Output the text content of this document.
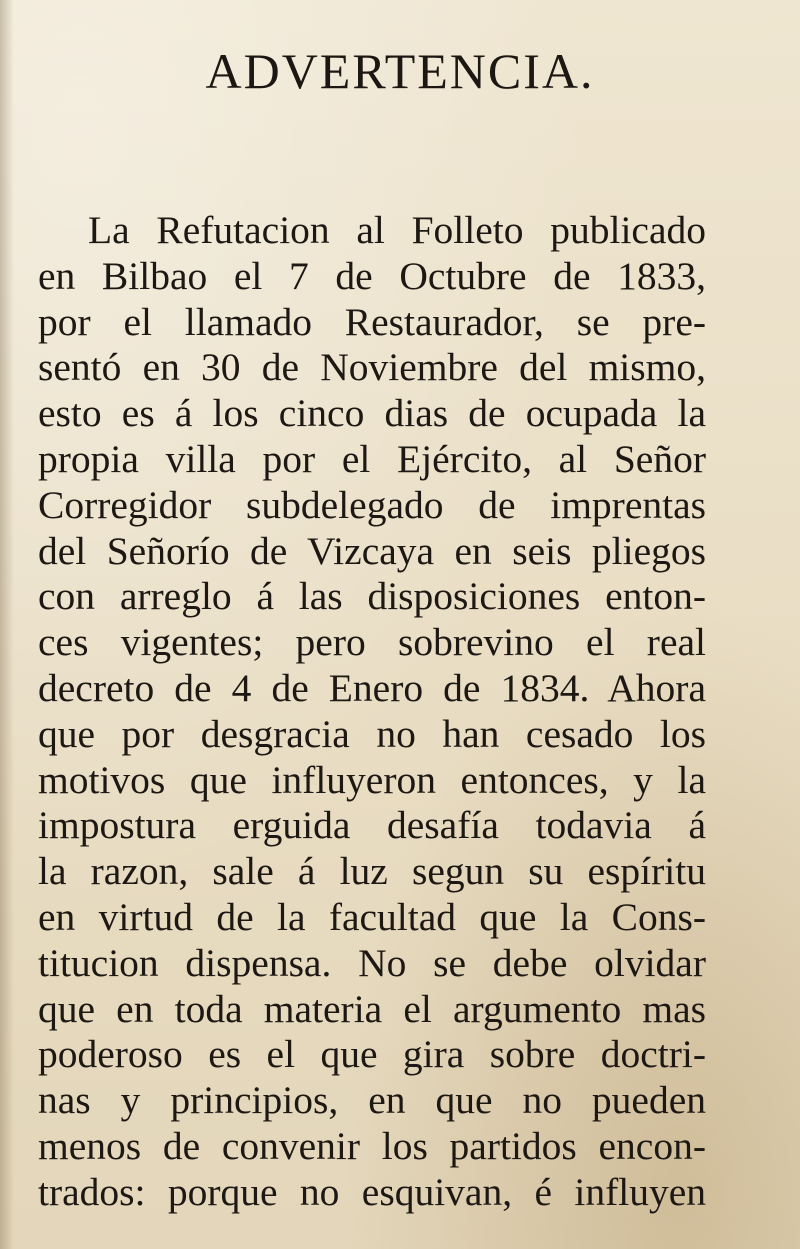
ADVERTENCIA.
La Refutacion al Folleto publicado
en Bilbao el 7 de Octubre de 1833,
por el llamado Restaurador, se pre-
sentó en 30 de Noviembre del mismo,
esto es á los cinco dias de ocupada la
propia villa por el Ejército, al Señor
Corregidor subdelegado de imprentas
del Señorío de Vizcaya en seis pliegos
con arreglo á las disposiciones enton-
ces vigentes; pero sobrevino el real
decreto de 4 de Enero de 1834. Ahora
que por desgracia no han cesado los
motivos que influyeron entonces, y la
impostura erguida desafía todavia á
la razon, sale á luz segun su espíritu
en virtud de la facultad que la Cons-
titucion dispensa. No se debe olvidar
que en toda materia el argumento mas
poderoso es el que gira sobre doctri-
nas y principios, en que no pueden
menos de convenir los partidos encon-
trados: porque no esquivan, é influyen
